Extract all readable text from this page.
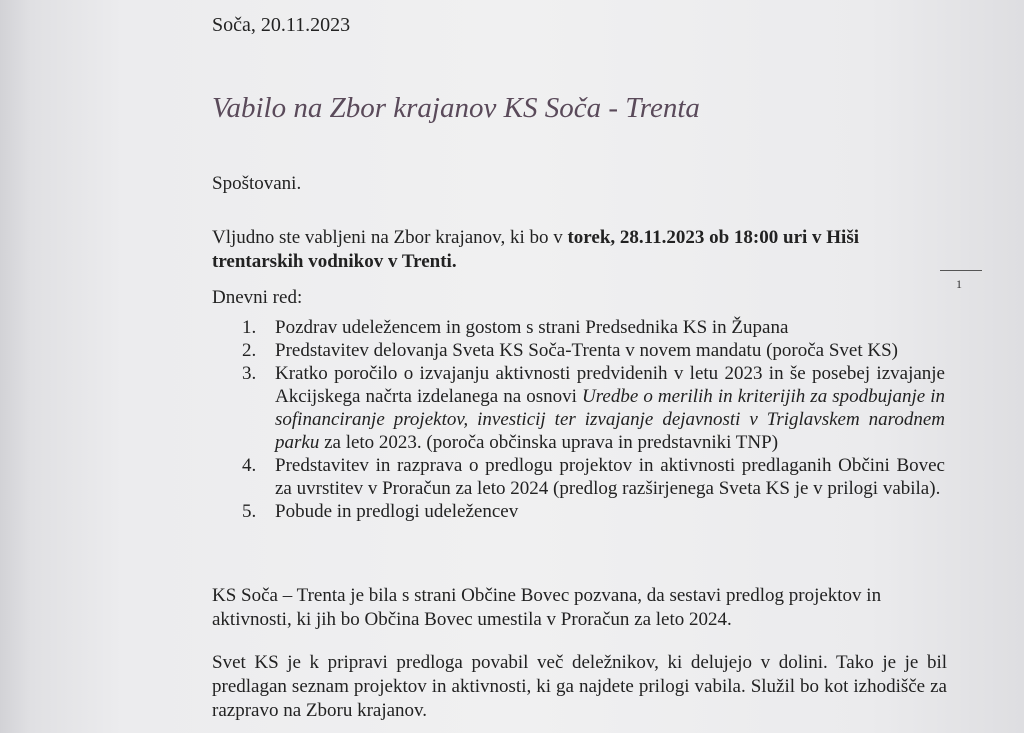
Soča, 20.11.2023
Vabilo na Zbor krajanov KS Soča - Trenta
Spoštovani.
Vljudno ste vabljeni na Zbor krajanov, ki bo v torek, 28.11.2023 ob 18:00 uri v Hiši trentarskih vodnikov v Trenti.
1
Dnevni red:
1. Pozdrav udeležencem in gostom s strani Predsednika KS in Župana
2. Predstavitev delovanja Sveta KS Soča-Trenta v novem mandatu (poroča Svet KS)
3. Kratko poročilo o izvajanju aktivnosti predvidenih v letu 2023 in še posebej izvajanje Akcijskega načrta izdelanega na osnovi Uredbe o merilih in kriterijih za spodbujanje in sofinanciranje projektov, investicij ter izvajanje dejavnosti v Triglavskem narodnem parku za leto 2023. (poroča občinska uprava in predstavniki TNP)
4. Predstavitev in razprava o predlogu projektov in aktivnosti predlaganih Občini Bovec za uvrstitev v Proračun za leto 2024 (predlog razširjenega Sveta KS je v prilogi vabila).
5. Pobude in predlogi udeležencev
KS Soča – Trenta je bila s strani Občine Bovec pozvana, da sestavi predlog projektov in aktivnosti, ki jih bo Občina Bovec umestila v Proračun za leto 2024.
Svet KS je k pripravi predloga povabil več deležnikov, ki delujejo v dolini. Tako je je bil predlagan seznam projektov in aktivnosti, ki ga najdete prilogi vabila. Služil bo kot izhodišče za razpravo na Zboru krajanov.
